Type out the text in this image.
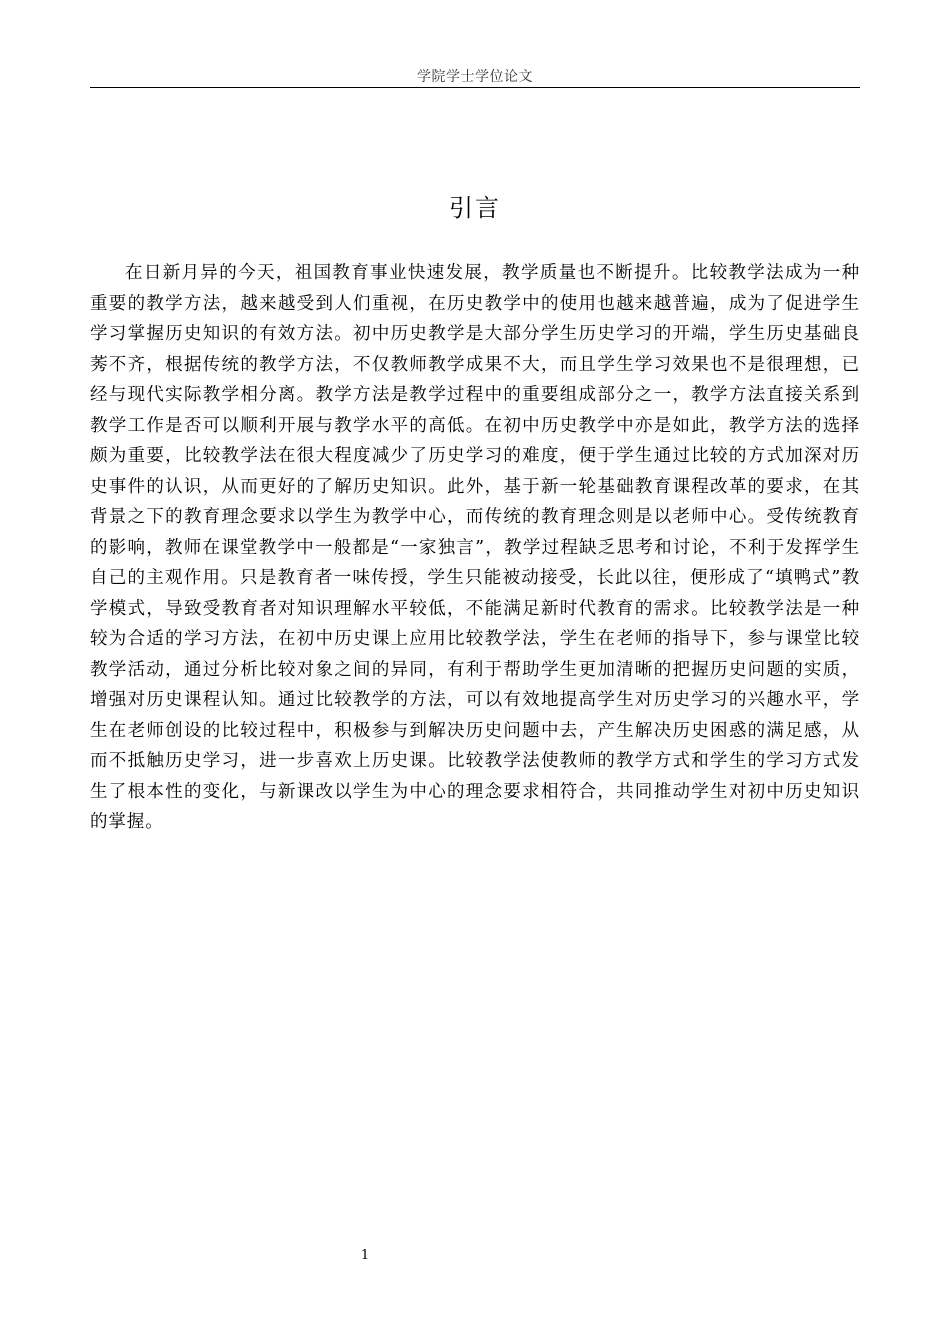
学院学士学位论文
引言

在日新月异的今天，祖国教育事业快速发展，教学质量也不断提升。比较教学法成为一种重要的教学方法，越来越受到人们重视，在历史教学中的使用也越来越普遍，成为了促进学生学习掌握历史知识的有效方法。初中历史教学是大部分学生历史学习的开端，学生历史基础良莠不齐，根据传统的教学方法，不仅教师教学成果不大，而且学生学习效果也不是很理想，已经与现代实际教学相分离。教学方法是教学过程中的重要组成部分之一，教学方法直接关系到教学工作是否可以顺利开展与教学水平的高低。在初中历史教学中亦是如此，教学方法的选择颇为重要，比较教学法在很大程度减少了历史学习的难度，便于学生通过比较的方式加深对历史事件的认识，从而更好的了解历史知识。此外，基于新一轮基础教育课程改革的要求，在其背景之下的教育理念要求以学生为教学中心，而传统的教育理念则是以老师中心。受传统教育的影响，教师在课堂教学中一般都是“一家独言”，教学过程缺乏思考和讨论，不利于发挥学生自己的主观作用。只是教育者一味传授，学生只能被动接受，长此以往，便形成了“填鸭式”教学模式，导致受教育者对知识理解水平较低，不能满足新时代教育的需求。比较教学法是一种较为合适的学习方法，在初中历史课上应用比较教学法，学生在老师的指导下，参与课堂比较教学活动，通过分析比较对象之间的异同，有利于帮助学生更加清晰的把握历史问题的实质，增强对历史课程认知。通过比较教学的方法，可以有效地提高学生对历史学习的兴趣水平，学生在老师创设的比较过程中，积极参与到解决历史问题中去，产生解决历史困惑的满足感，从而不抵触历史学习，进一步喜欢上历史课。比较教学法使教师的教学方式和学生的学习方式发生了根本性的变化，与新课改以学生为中心的理念要求相符合，共同推动学生对初中历史知识的掌握。

1
